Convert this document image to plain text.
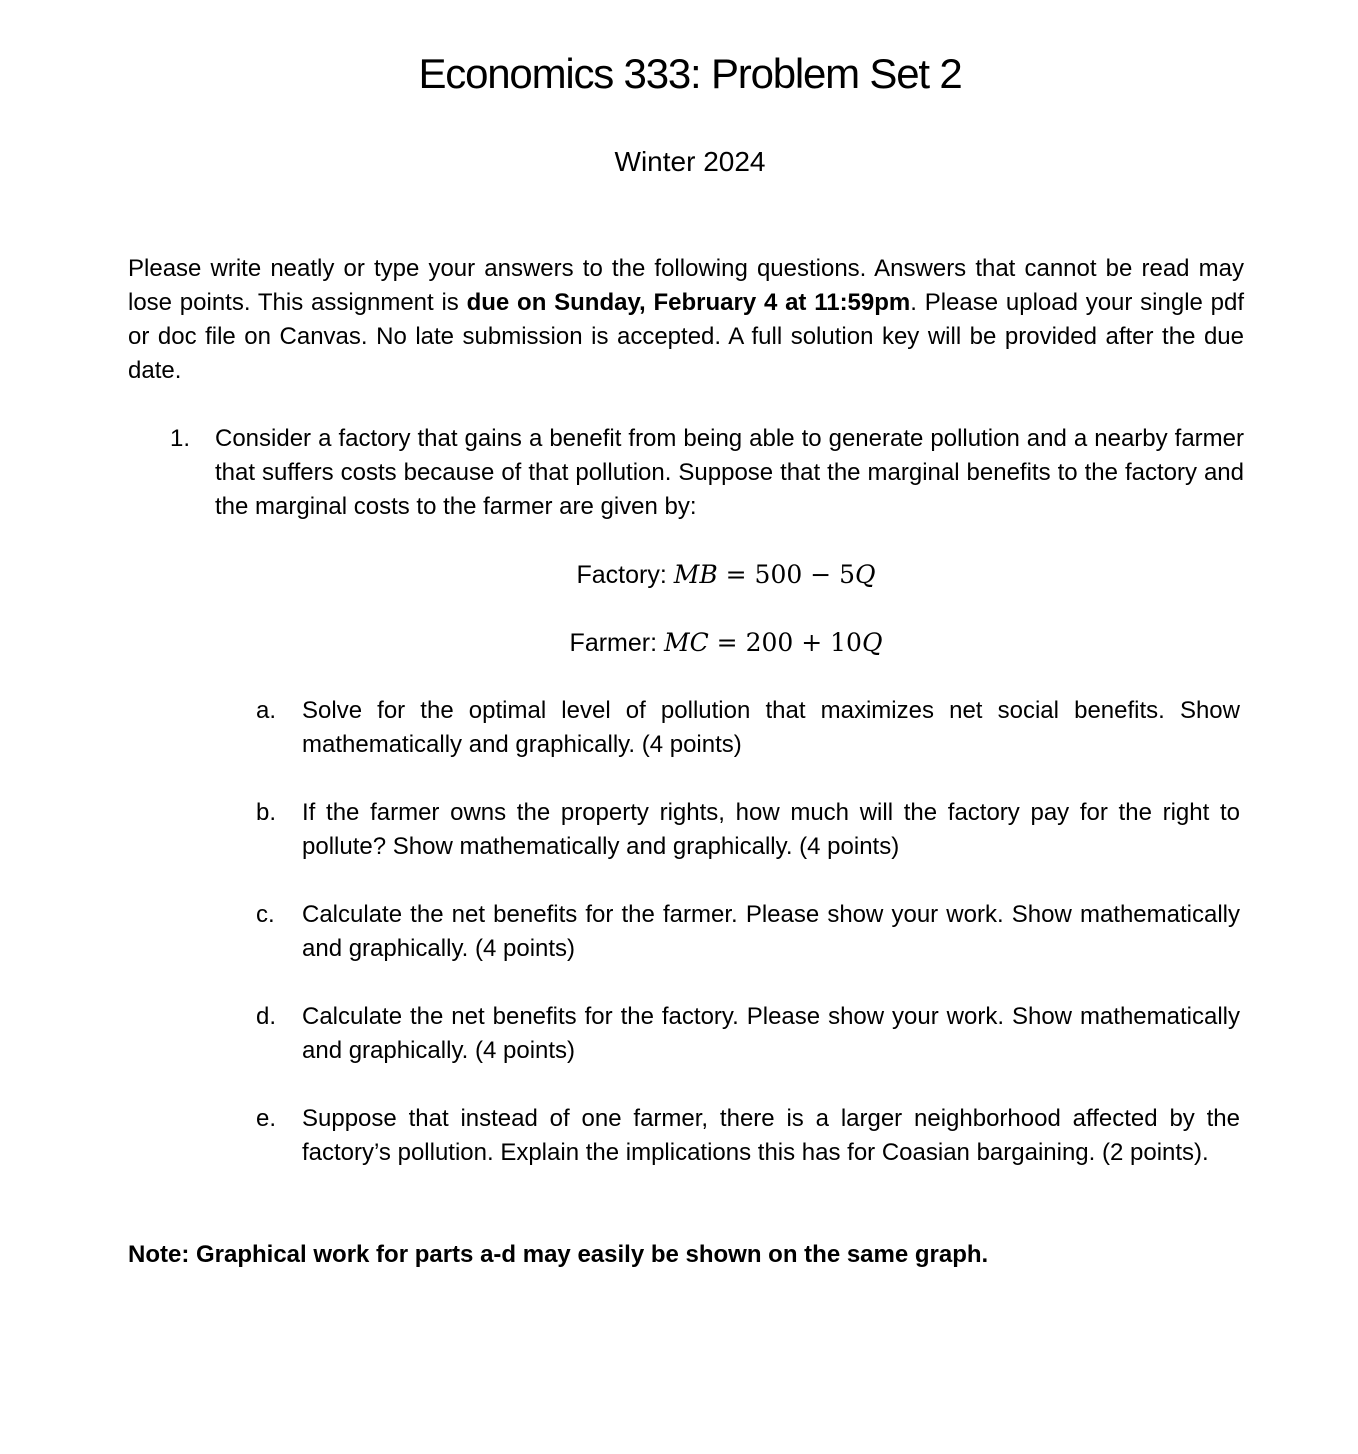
Economics 333: Problem Set 2
Winter 2024
Please write neatly or type your answers to the following questions. Answers that cannot be read may lose points. This assignment is due on Sunday, February 4 at 11:59pm. Please upload your single pdf or doc file on Canvas. No late submission is accepted. A full solution key will be provided after the due date.
1. Consider a factory that gains a benefit from being able to generate pollution and a nearby farmer that suffers costs because of that pollution. Suppose that the marginal benefits to the factory and the marginal costs to the farmer are given by:
Factory: MB = 500 − 5Q
Farmer: MC = 200 + 10Q
a. Solve for the optimal level of pollution that maximizes net social benefits. Show mathematically and graphically. (4 points)
b. If the farmer owns the property rights, how much will the factory pay for the right to pollute? Show mathematically and graphically. (4 points)
c. Calculate the net benefits for the farmer. Please show your work. Show mathematically and graphically. (4 points)
d. Calculate the net benefits for the factory. Please show your work. Show mathematically and graphically. (4 points)
e. Suppose that instead of one farmer, there is a larger neighborhood affected by the factory’s pollution. Explain the implications this has for Coasian bargaining. (2 points).
Note: Graphical work for parts a-d may easily be shown on the same graph.
